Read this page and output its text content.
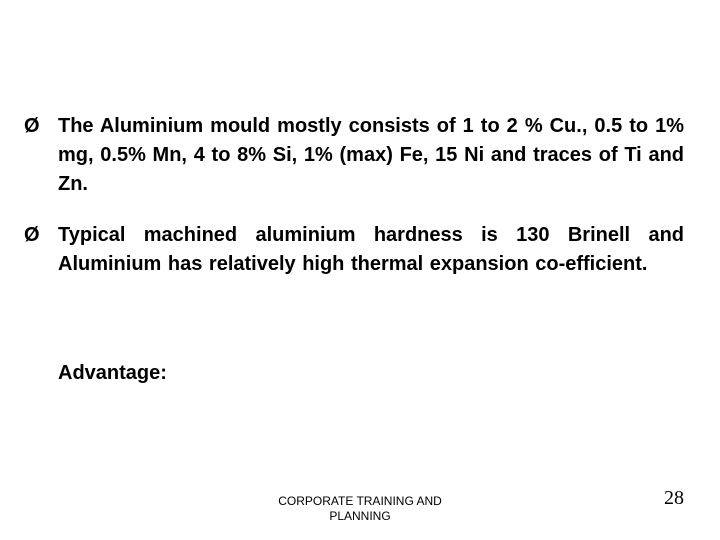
Ø The Aluminium mould mostly consists of 1 to 2 % Cu., 0.5 to 1% mg, 0.5% Mn, 4 to 8% Si, 1% (max) Fe, 15 Ni and traces of Ti and Zn.
Ø Typical machined aluminium hardness is 130 Brinell and Aluminium has relatively high thermal expansion co-efficient.
Advantage:
CORPORATE TRAINING AND
PLANNING
28
